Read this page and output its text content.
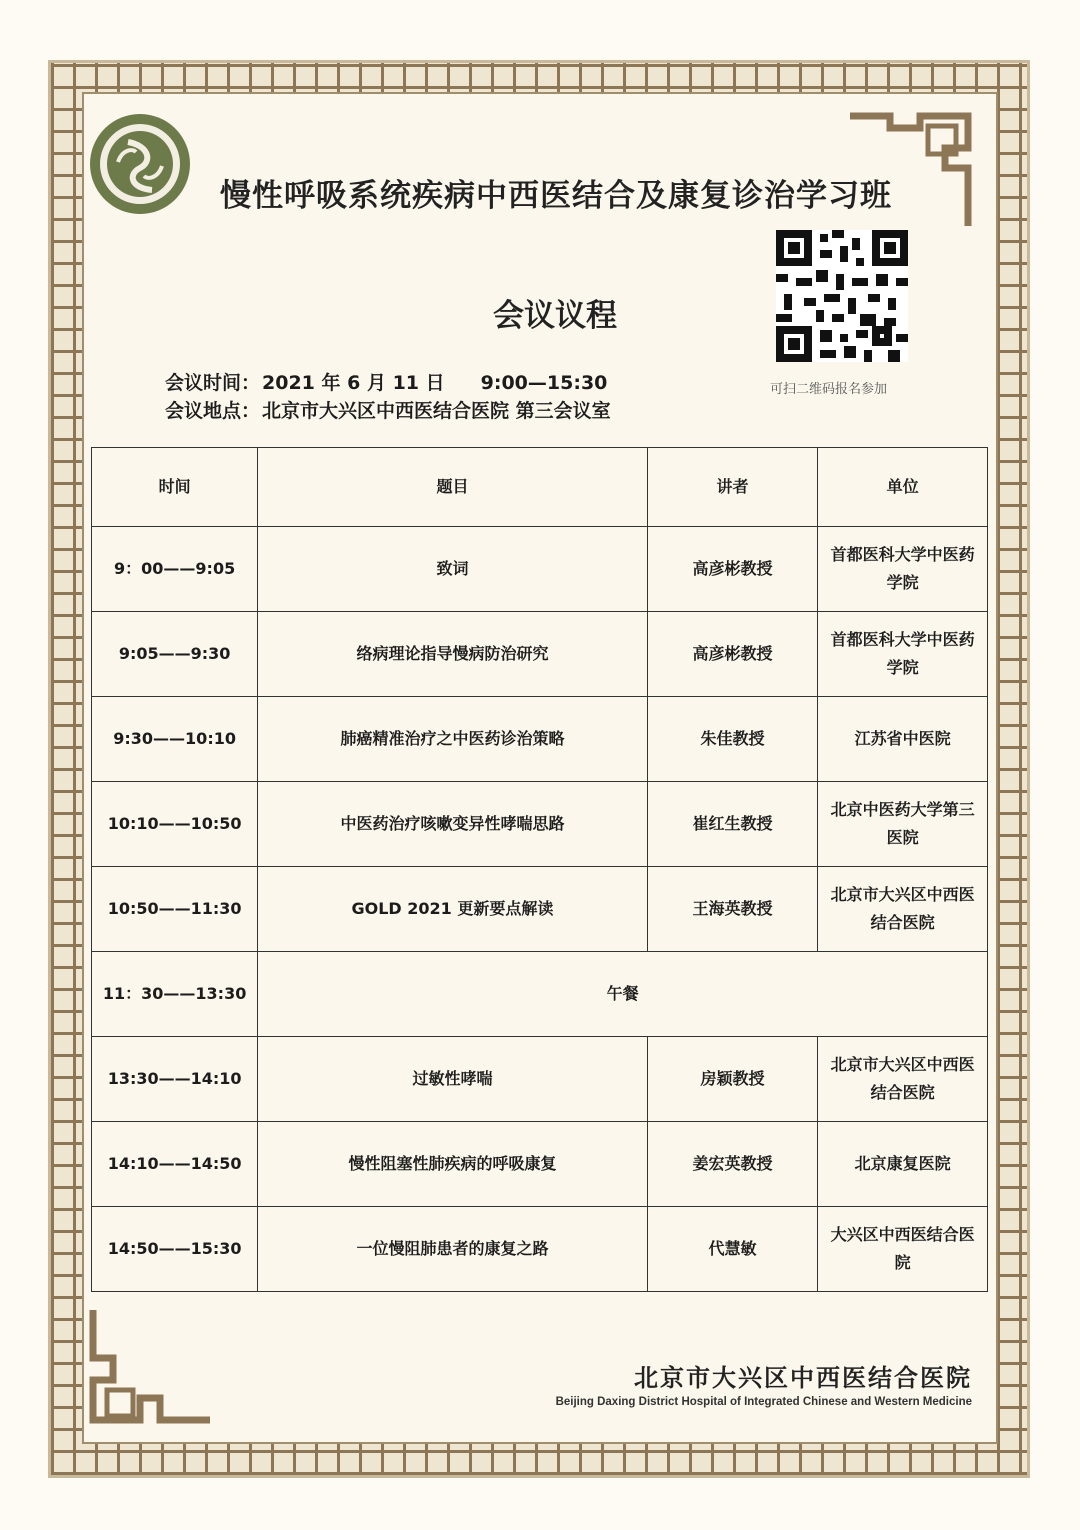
慢性呼吸系统疾病中西医结合及康复诊治学习班
可扫二维码报名参加
会议议程
会议时间： 2021 年 6 月 11 日 9:00—15:30
会议地点： 北京市大兴区中西医结合医院 第三会议室
时间	题目	讲者	单位
9：00——9:05	致词	高彦彬教授	首都医科大学中医药学院
9:05——9:30	络病理论指导慢病防治研究	高彦彬教授	首都医科大学中医药学院
9:30——10:10	肺癌精准治疗之中医药诊治策略	朱佳教授	江苏省中医院
10:10——10:50	中医药治疗咳嗽变异性哮喘思路	崔红生教授	北京中医药大学第三医院
10:50——11:30	GOLD 2021 更新要点解读	王海英教授	北京市大兴区中西医结合医院
11：30——13:30	午餐		
13:30——14:10	过敏性哮喘	房颖教授	北京市大兴区中西医结合医院
14:10——14:50	慢性阻塞性肺疾病的呼吸康复	姜宏英教授	北京康复医院
14:50——15:30	一位慢阻肺患者的康复之路	代慧敏	大兴区中西医结合医院
北京市大兴区中西医结合医院
Beijing Daxing District Hospital of Integrated Chinese and Western Medicine
